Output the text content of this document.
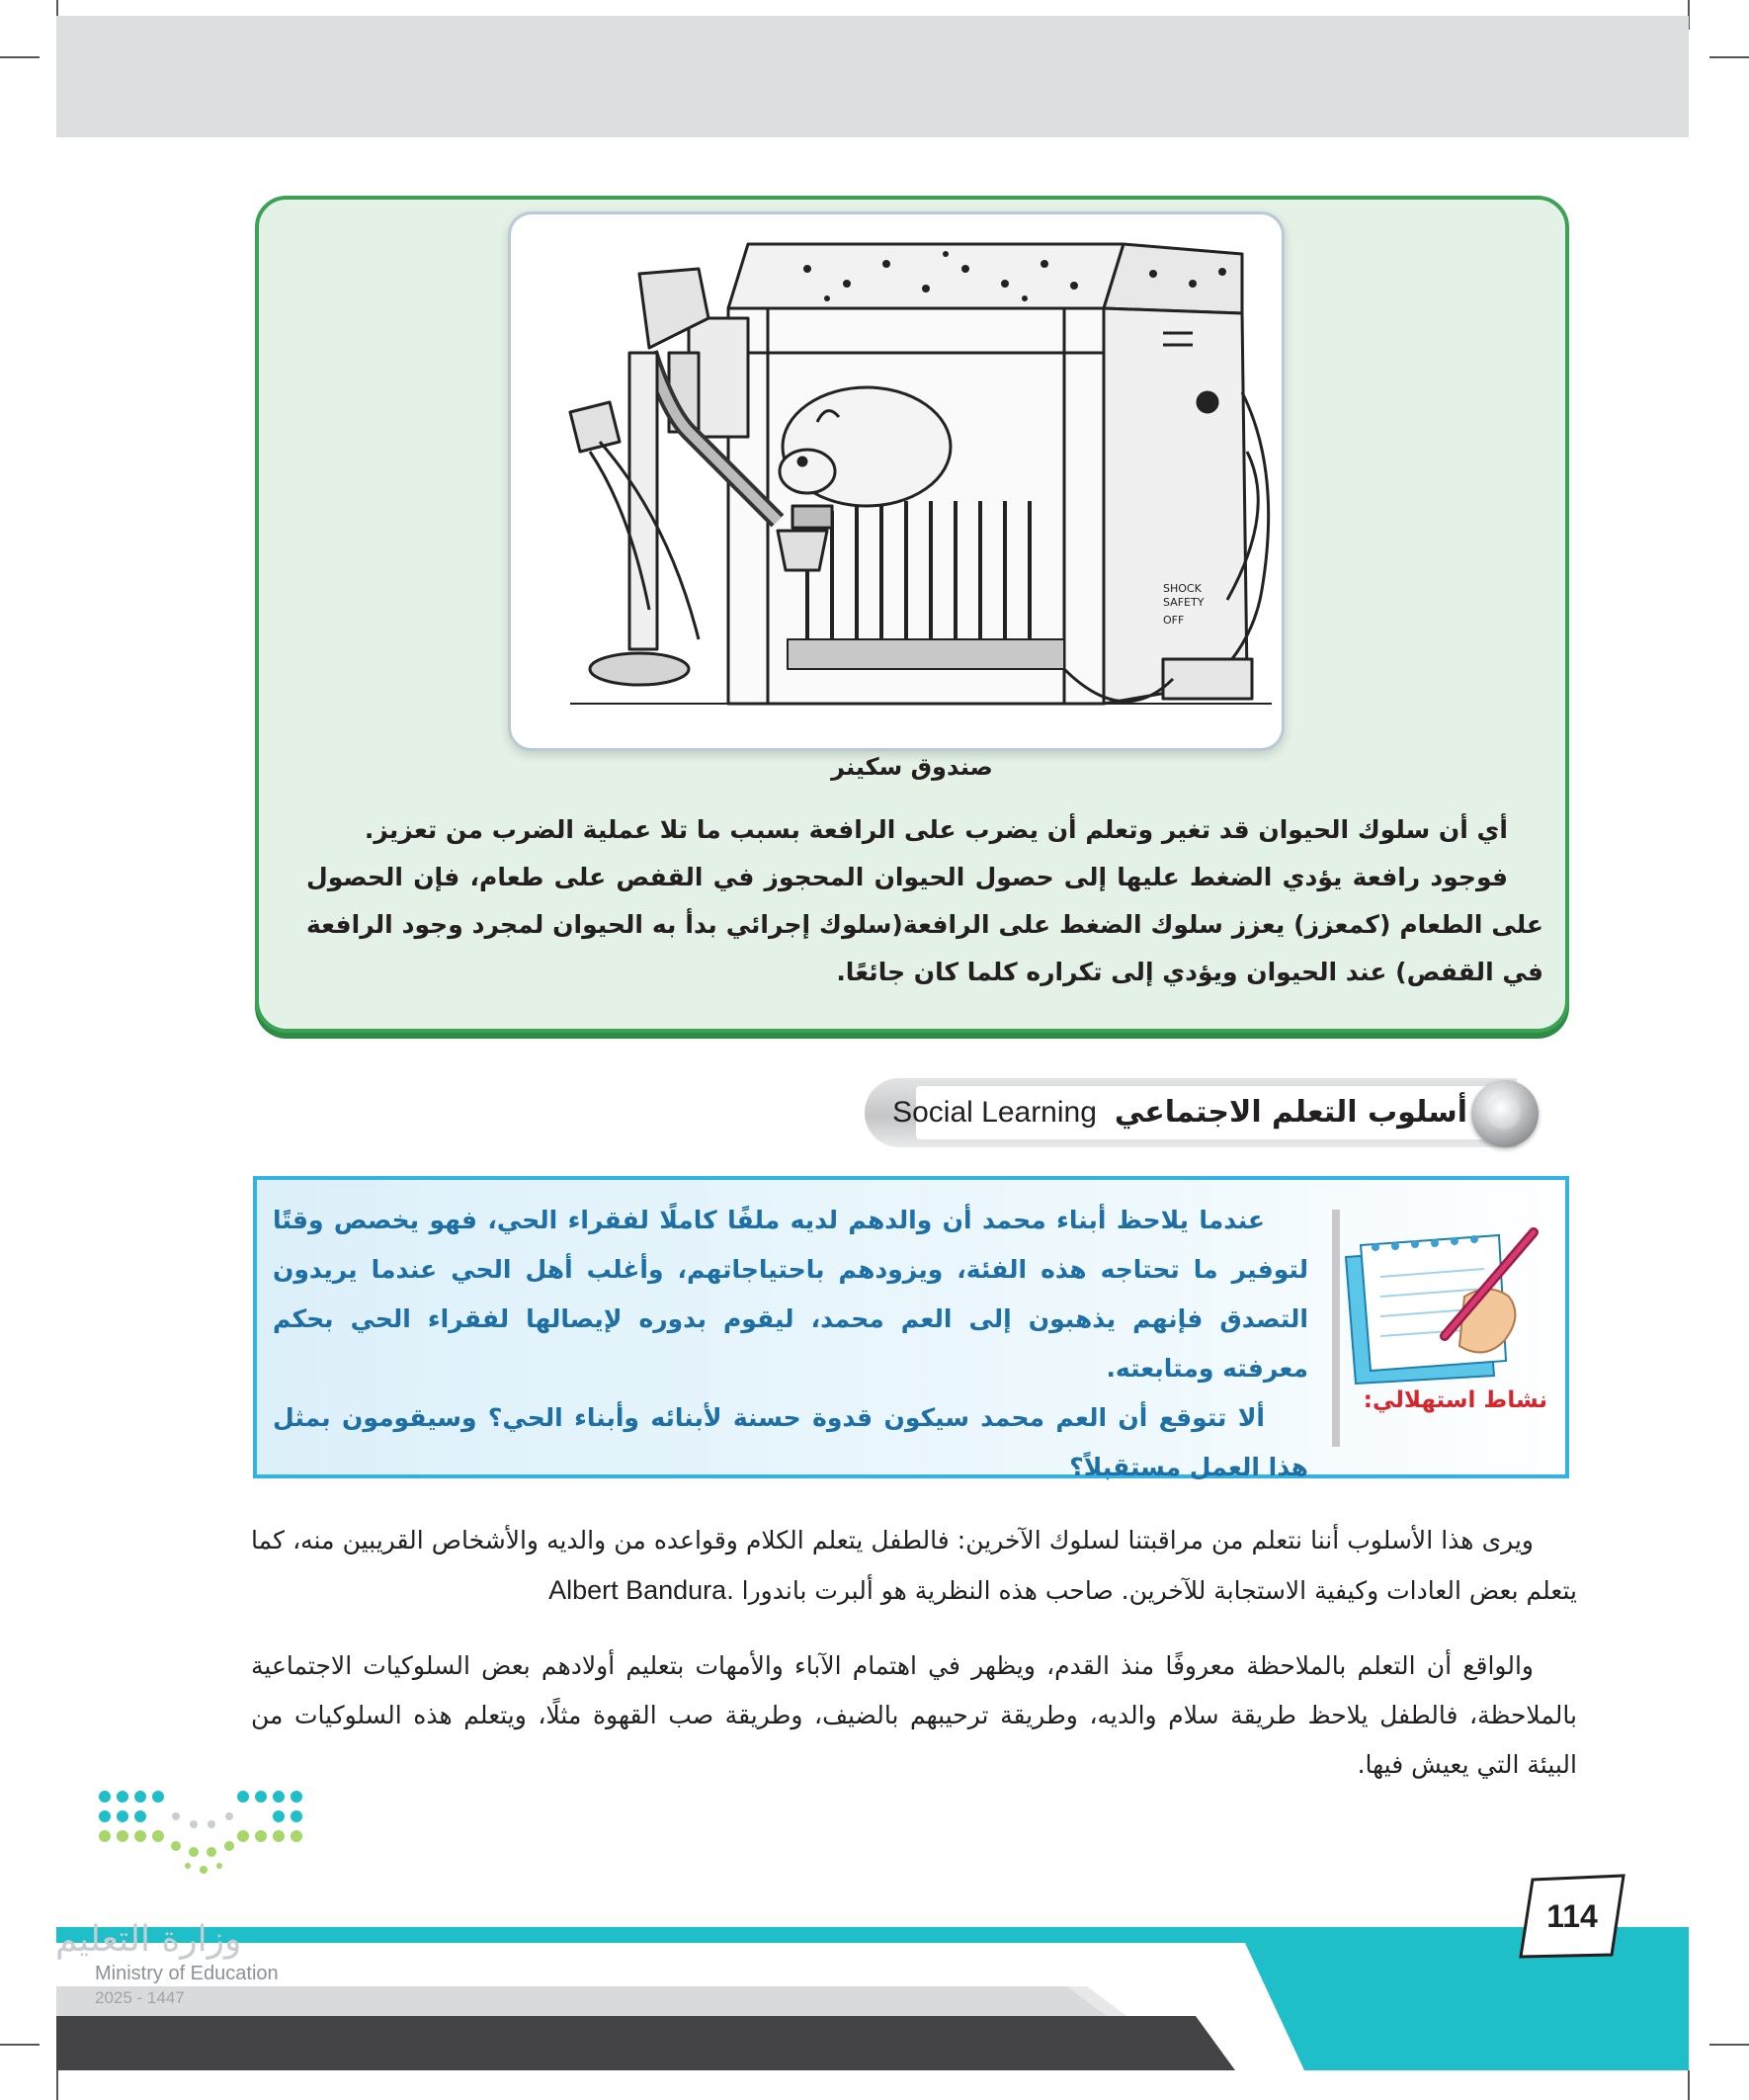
SHOCK
SAFETY
OFF
صندوق سكينر

أي أن سلوك الحيوان قد تغير وتعلم أن يضرب على الرافعة بسبب ما تلا عملية الضرب من تعزيز.

فوجود رافعة يؤدي الضغط عليها إلى حصول الحيوان المحجوز في القفص على طعام، فإن الحصول على الطعام (كمعزز) يعزز سلوك الضغط على الرافعة(سلوك إجرائي بدأ به الحيوان لمجرد وجود الرافعة في القفص) عند الحيوان ويؤدي إلى تكراره كلما كان جائعًا.

أسلوب التعلم الاجتماعيSocial Learning
نشاط استهلالي:

عندما يلاحظ أبناء محمد أن والدهم لديه ملفًا كاملًا لفقراء الحي، فهو يخصص وقتًا لتوفير ما تحتاجه هذه الفئة، ويزودهم باحتياجاتهم، وأغلب أهل الحي عندما يريدون التصدق فإنهم يذهبون إلى العم محمد، ليقوم بدوره لإيصالها لفقراء الحي بحكم معرفته ومتابعته.

ألا تتوقع أن العم محمد سيكون قدوة حسنة لأبنائه وأبناء الحي؟ وسيقومون بمثل هذا العمل مستقبلاً؟

ويرى هذا الأسلوب أننا نتعلم من مراقبتنا لسلوك الآخرين: فالطفل يتعلم الكلام وقواعده من والديه والأشخاص القريبين منه، كما يتعلم بعض العادات وكيفية الاستجابة للآخرين. صاحب هذه النظرية هو ألبرت باندورا Albert Bandura.

والواقع أن التعلم بالملاحظة معروفًا منذ القدم، ويظهر في اهتمام الآباء والأمهات بتعليم أولادهم بعض السلوكيات الاجتماعية بالملاحظة، فالطفل يلاحظ طريقة سلام والديه، وطريقة ترحيبهم بالضيف، وطريقة صب القهوة مثلًا، ويتعلم هذه السلوكيات من البيئة التي يعيش فيها.

وزارة التعليم
Ministry of Education
2025 - 1447
114
